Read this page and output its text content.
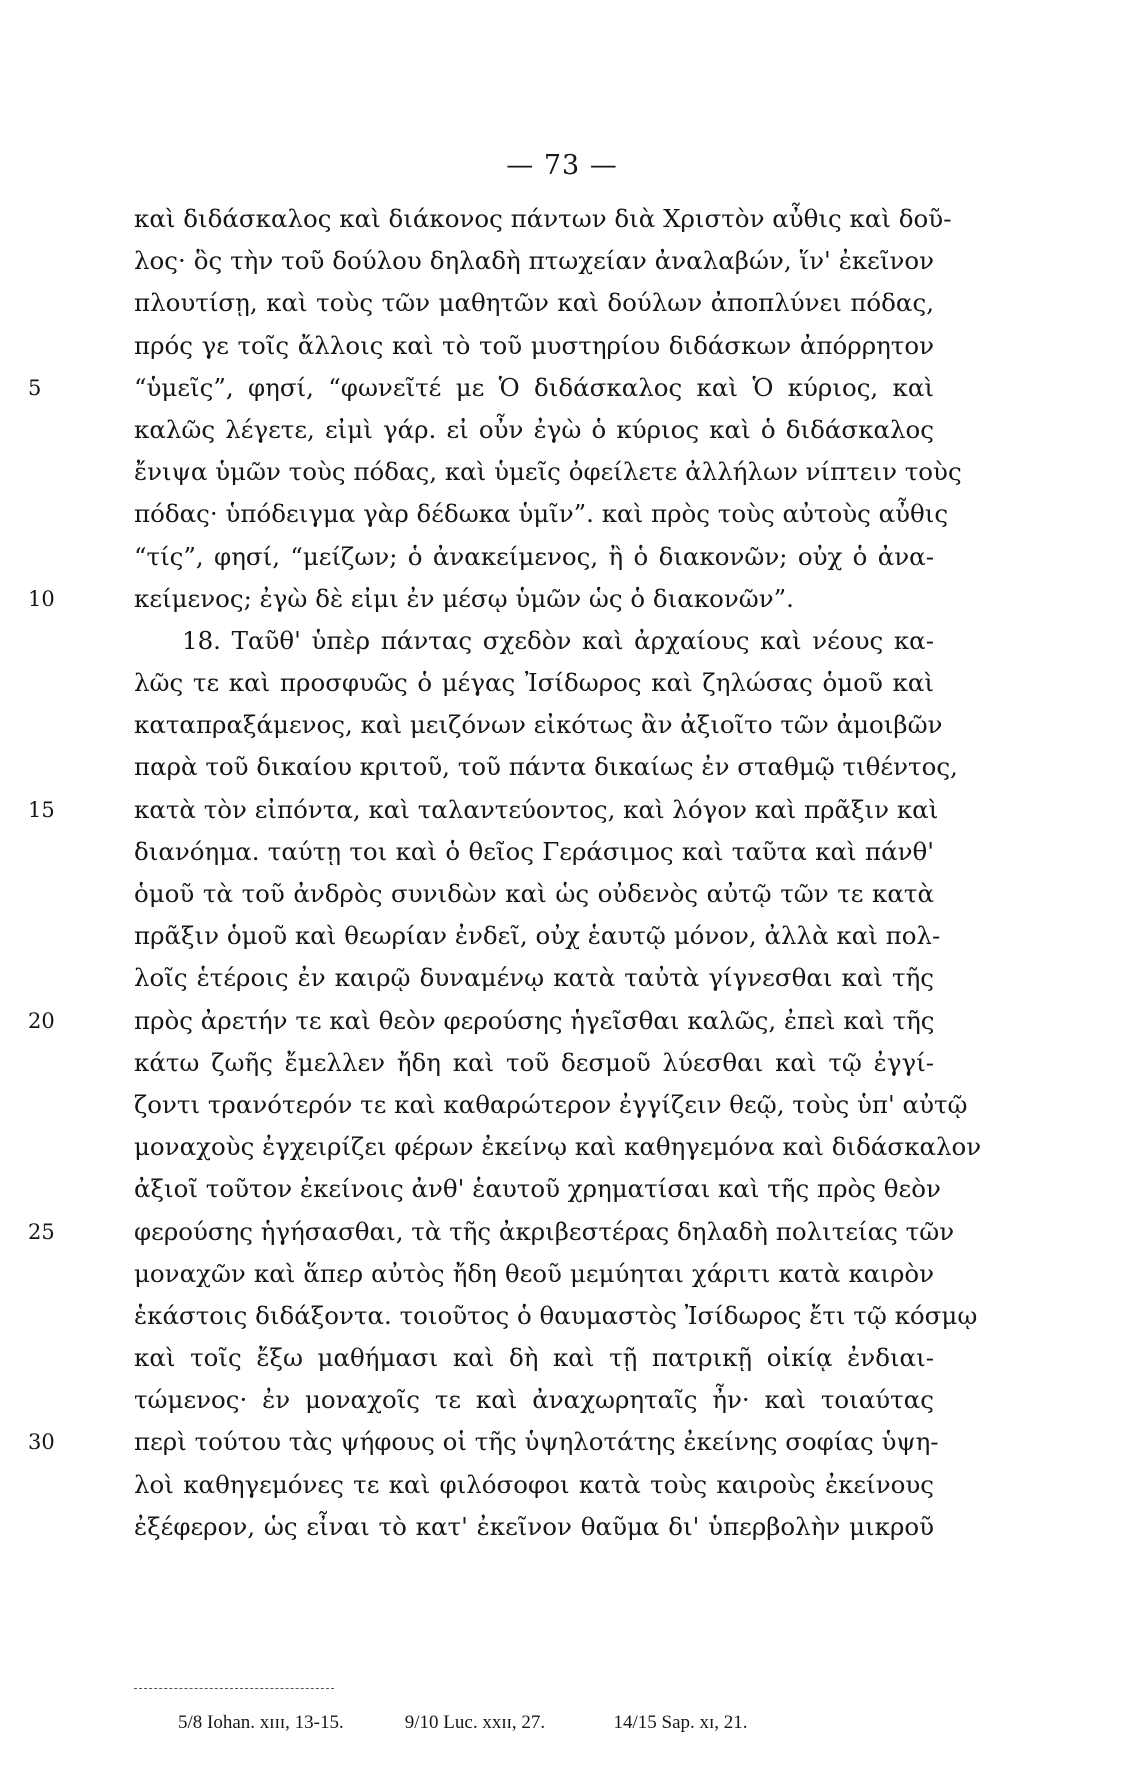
— 73 —
καὶ διδάσκαλος καὶ διάκονος πάντων διὰ Χριστὸν αὖθις καὶ δοῦ-
λος· ὃς τὴν τοῦ δούλου δηλαδὴ πτωχείαν ἀναλαβών, ἵν' ἐκεῖνον
πλουτίσῃ, καὶ τοὺς τῶν μαθητῶν καὶ δούλων ἀποπλύνει πόδας,
πρός γε τοῖς ἄλλοις καὶ τὸ τοῦ μυστηρίου διδάσκων ἀπόρρητον
5	“ὑμεῖς”, φησί, “φωνεῖτέ με Ὁ διδάσκαλος καὶ Ὁ κύριος, καὶ
καλῶς λέγετε, εἰμὶ γάρ. εἰ οὖν ἐγὼ ὁ κύριος καὶ ὁ διδάσκαλος
ἔνιψα ὑμῶν τοὺς πόδας, καὶ ὑμεῖς ὀφείλετε ἀλλήλων νίπτειν τοὺς
πόδας· ὑπόδειγμα γὰρ δέδωκα ὑμῖν”. καὶ πρὸς τοὺς αὐτοὺς αὖθις
“τίς”, φησί, “μείζων; ὁ ἀνακείμενος, ἢ ὁ διακονῶν; οὐχ ὁ ἀνα-
10	κείμενος; ἐγὼ δὲ εἰμι ἐν μέσῳ ὑμῶν ὡς ὁ διακονῶν”.
18. Ταῦθ' ὑπὲρ πάντας σχεδὸν καὶ ἀρχαίους καὶ νέους κα-
λῶς τε καὶ προσφυῶς ὁ μέγας Ἰσίδωρος καὶ ζηλώσας ὁμοῦ καὶ
καταπραξάμενος, καὶ μειζόνων εἰκότως ἂν ἀξιοῖτο τῶν ἀμοιβῶν
παρὰ τοῦ δικαίου κριτοῦ, τοῦ πάντα δικαίως ἐν σταθμῷ τιθέντος,
15	κατὰ τὸν εἰπόντα, καὶ ταλαντεύοντος, καὶ λόγον καὶ πρᾶξιν καὶ
διανόημα. ταύτῃ τοι καὶ ὁ θεῖος Γεράσιμος καὶ ταῦτα καὶ πάνθ'
ὁμοῦ τὰ τοῦ ἀνδρὸς συνιδὼν καὶ ὡς οὐδενὸς αὐτῷ τῶν τε κατὰ
πρᾶξιν ὁμοῦ καὶ θεωρίαν ἐνδεῖ, οὐχ ἑαυτῷ μόνον, ἀλλὰ καὶ πολ-
λοῖς ἑτέροις ἐν καιρῷ δυναμένῳ κατὰ ταὐτὰ γίγνεσθαι καὶ τῆς
20	πρὸς ἀρετήν τε καὶ θεὸν φερούσης ἡγεῖσθαι καλῶς, ἐπεὶ καὶ τῆς
κάτω ζωῆς ἔμελλεν ἤδη καὶ τοῦ δεσμοῦ λύεσθαι καὶ τῷ ἐγγί-
ζοντι τρανότερόν τε καὶ καθαρώτερον ἐγγίζειν θεῷ, τοὺς ὑπ' αὐτῷ
μοναχοὺς ἐγχειρίζει φέρων ἐκείνῳ καὶ καθηγεμόνα καὶ διδάσκαλον
ἀξιοῖ τοῦτον ἐκείνοις ἀνθ' ἑαυτοῦ χρηματίσαι καὶ τῆς πρὸς θεὸν
25	φερούσης ἡγήσασθαι, τὰ τῆς ἀκριβεστέρας δηλαδὴ πολιτείας τῶν
μοναχῶν καὶ ἅπερ αὐτὸς ἤδη θεοῦ μεμύηται χάριτι κατὰ καιρὸν
ἑκάστοις διδάξοντα. τοιοῦτος ὁ θαυμαστὸς Ἰσίδωρος ἔτι τῷ κόσμῳ
καὶ τοῖς ἔξω μαθήμασι καὶ δὴ καὶ τῇ πατρικῇ οἰκίᾳ ἐνδιαι-
τώμενος· ἐν μοναχοῖς τε καὶ ἀναχωρηταῖς ἦν· καὶ τοιαύτας
30	περὶ τούτου τὰς ψήφους οἱ τῆς ὑψηλοτάτης ἐκείνης σοφίας ὑψη-
λοὶ καθηγεμόνες τε καὶ φιλόσοφοι κατὰ τοὺς καιροὺς ἐκείνους
ἐξέφερον, ὡς εἶναι τὸ κατ' ἐκεῖνον θαῦμα δι' ὑπερβολὴν μικροῦ
5/8 Iohan. xɪɪɪ, 13-15.	9/10 Luc. xxɪɪ, 27.	14/15 Sap. xɪ, 21.
